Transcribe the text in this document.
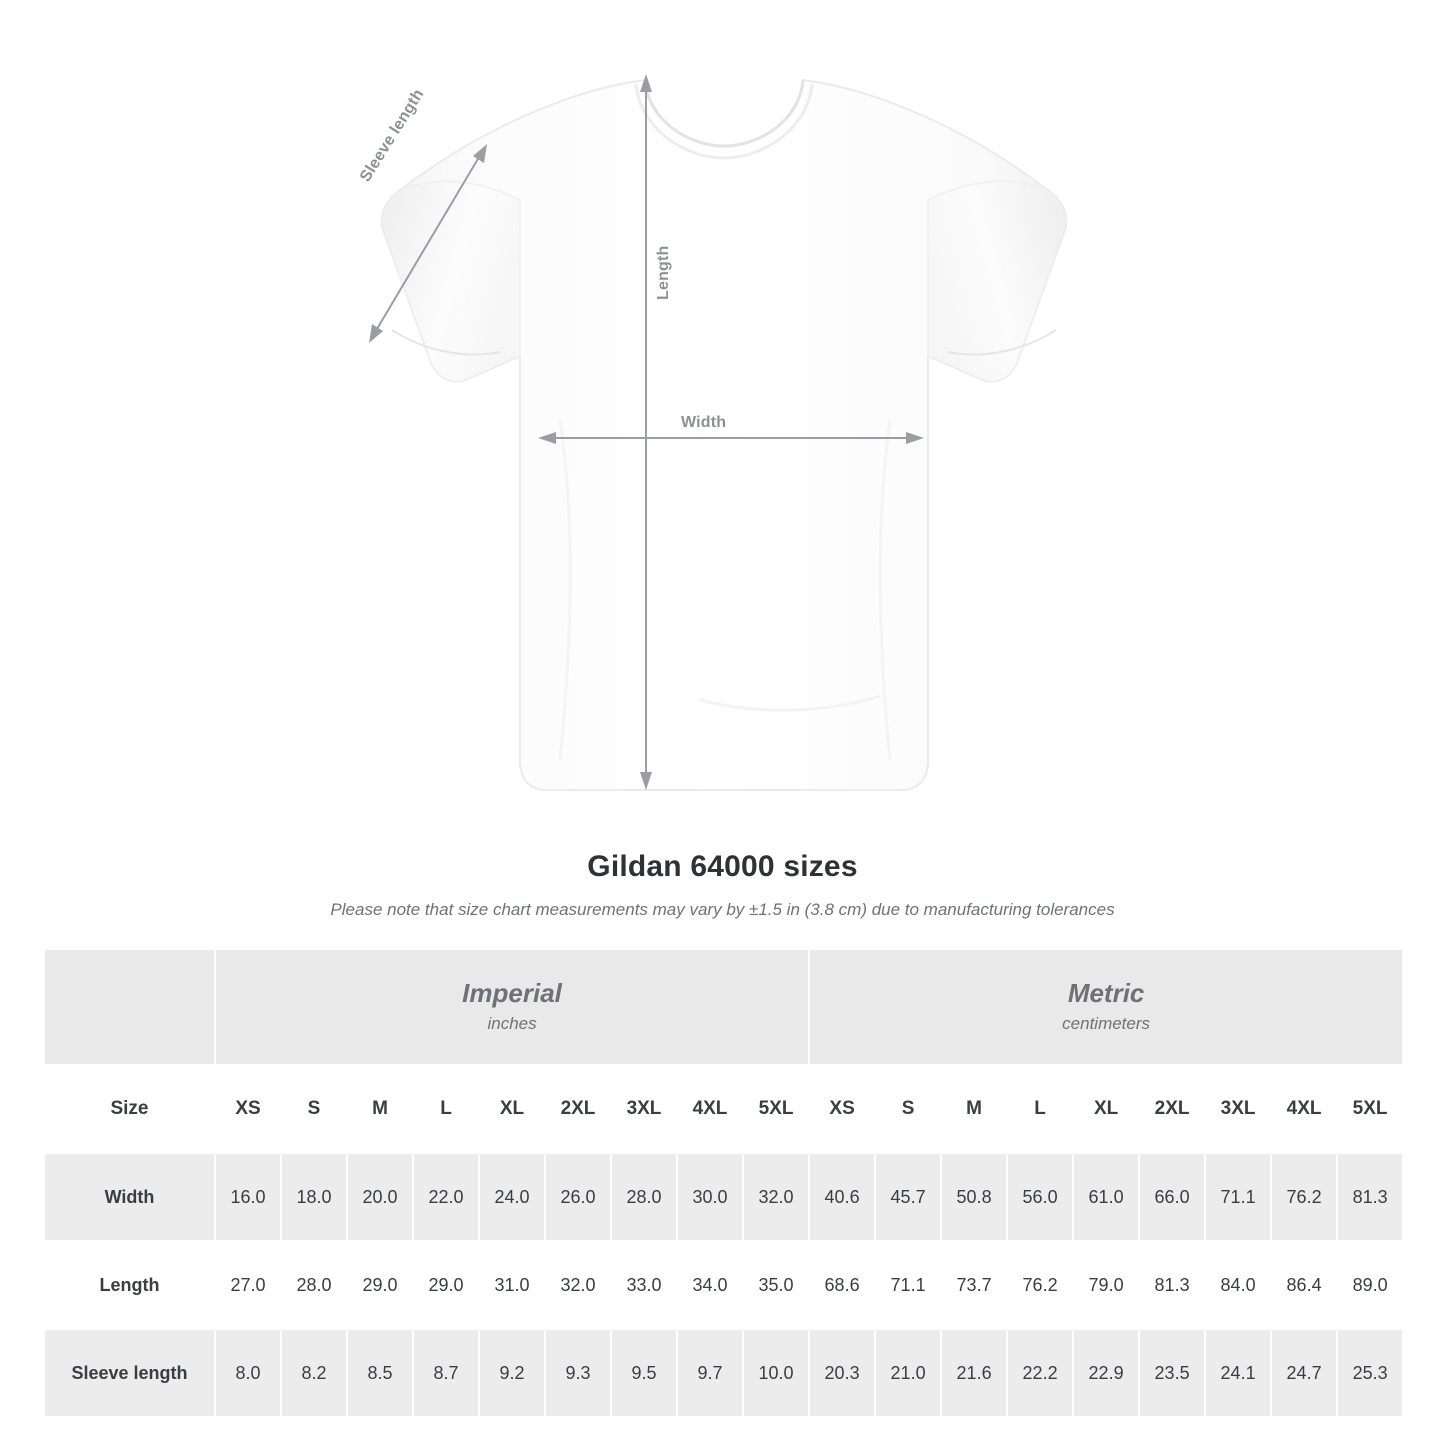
Sleeve length
Length
Width
Gildan 64000 sizes

Please note that size chart measurements may vary by ±1.5 in (3.8 cm) due to manufacturing tolerances

Imperial
inches

Metric
centimeters

Size	XS	S	M	L	XL	2XL	3XL	4XL	5XL	XS	S	M	L	XL	2XL	3XL	4XL	5XL
Width	16.0	18.0	20.0	22.0	24.0	26.0	28.0	30.0	32.0	40.6	45.7	50.8	56.0	61.0	66.0	71.1	76.2	81.3
Length	27.0	28.0	29.0	29.0	31.0	32.0	33.0	34.0	35.0	68.6	71.1	73.7	76.2	79.0	81.3	84.0	86.4	89.0
Sleeve length	8.0	8.2	8.5	8.7	9.2	9.3	9.5	9.7	10.0	20.3	21.0	21.6	22.2	22.9	23.5	24.1	24.7	25.3
